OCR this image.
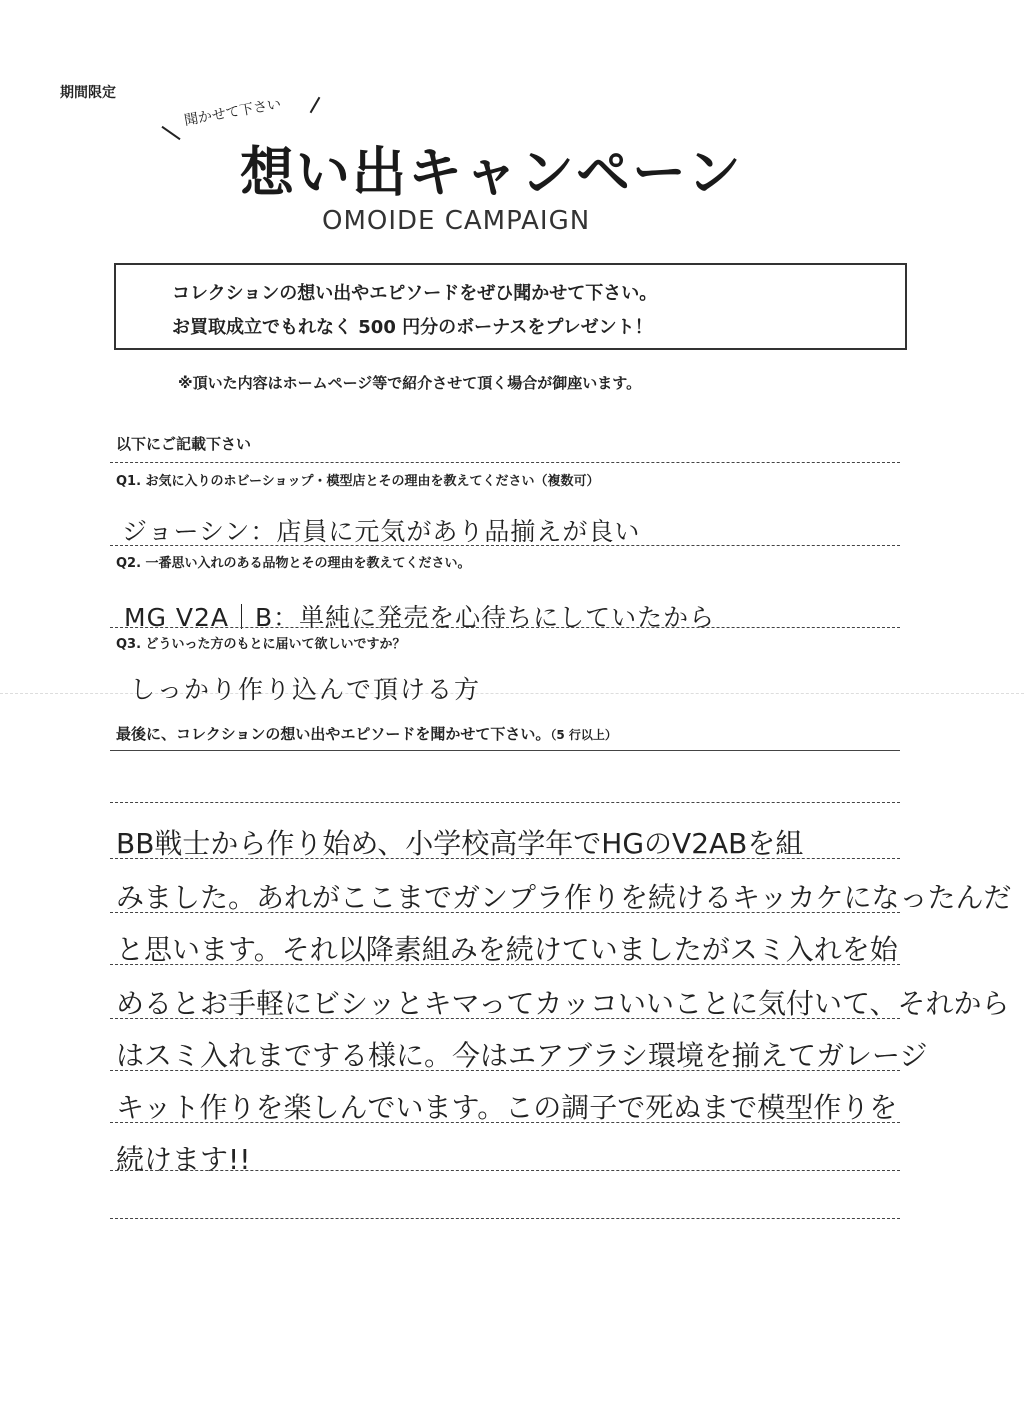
期間限定
聞かせて下さい
想い出キャンペーン
OMOIDE CAMPAIGN
コレクションの想い出やエピソードをぜひ聞かせて下さい。
お買取成立でもれなく 500 円分のボーナスをプレゼント！
※頂いた内容はホームページ等で紹介させて頂く場合が御座います。
以下にご記載下さい
Q1. お気に入りのホビーショップ・模型店とその理由を教えてください（複数可）
ジョーシン：店員に元気があり品揃えが良い
Q2. 一番思い入れのある品物とその理由を教えてください。
MG V2A｜B：単純に発売を心待ちにしていたから
Q3. どういった方のもとに届いて欲しいですか？
しっかり作り込んで頂ける方
最後に、コレクションの想い出やエピソードを聞かせて下さい。（5 行以上）
BB戦士から作り始め、小学校高学年でHGのV2ABを組
みました。あれがここまでガンプラ作りを続けるキッカケになったんだ
と思います。それ以降素組みを続けていましたがスミ入れを始
めるとお手軽にビシッとキマってカッコいいことに気付いて、それから
はスミ入れまでする様に。今はエアブラシ環境を揃えてガレージ
キット作りを楽しんでいます。この調子で死ぬまで模型作りを
続けます!!
